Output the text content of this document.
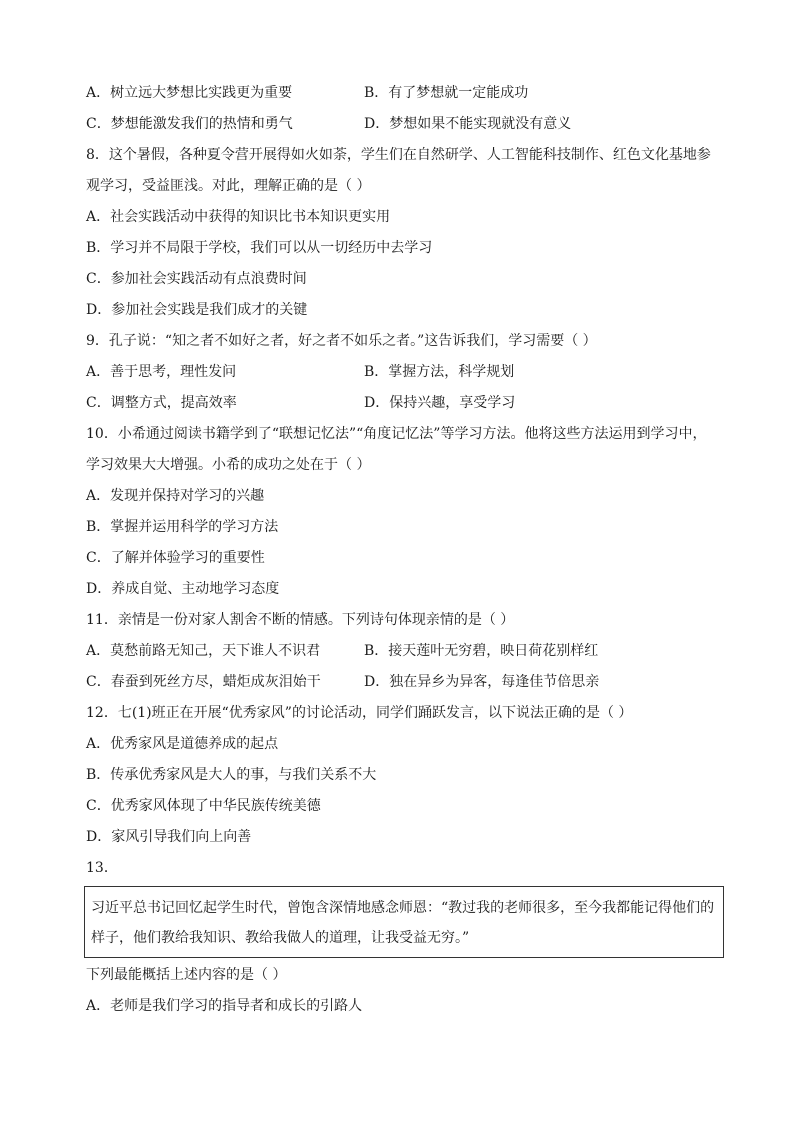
A．树立远大梦想比实践更为重要	B．有了梦想就一定能成功
C．梦想能激发我们的热情和勇气	D．梦想如果不能实现就没有意义
8．这个暑假，各种夏令营开展得如火如荼，学生们在自然研学、人工智能科技制作、红色文化基地参观学习，受益匪浅。对此，理解正确的是（ ）
A．社会实践活动中获得的知识比书本知识更实用
B．学习并不局限于学校，我们可以从一切经历中去学习
C．参加社会实践活动有点浪费时间
D．参加社会实践是我们成才的关键
9．孔子说：“知之者不如好之者，好之者不如乐之者。”这告诉我们，学习需要（ ）
A．善于思考，理性发问	B．掌握方法，科学规划
C．调整方式，提高效率	D．保持兴趣，享受学习
10．小希通过阅读书籍学到了“联想记忆法”“角度记忆法”等学习方法。他将这些方法运用到学习中，学习效果大大增强。小希的成功之处在于（ ）
A．发现并保持对学习的兴趣
B．掌握并运用科学的学习方法
C．了解并体验学习的重要性
D．养成自觉、主动地学习态度
11．亲情是一份对家人割舍不断的情感。下列诗句体现亲情的是（ ）
A．莫愁前路无知己，天下谁人不识君	B．接天莲叶无穷碧，映日荷花别样红
C．春蚕到死丝方尽，蜡炬成灰泪始干	D．独在异乡为异客，每逢佳节倍思亲
12．七(1)班正在开展“优秀家风”的讨论活动，同学们踊跃发言，以下说法正确的是（ ）
A．优秀家风是道德养成的起点
B．传承优秀家风是大人的事，与我们关系不大
C．优秀家风体现了中华民族传统美德
D．家风引导我们向上向善
13．
习近平总书记回忆起学生时代，曾饱含深情地感念师恩：“教过我的老师很多，至今我都能记得他们的样子，他们教给我知识、教给我做人的道理，让我受益无穷。”
下列最能概括上述内容的是（ ）
A．老师是我们学习的指导者和成长的引路人
